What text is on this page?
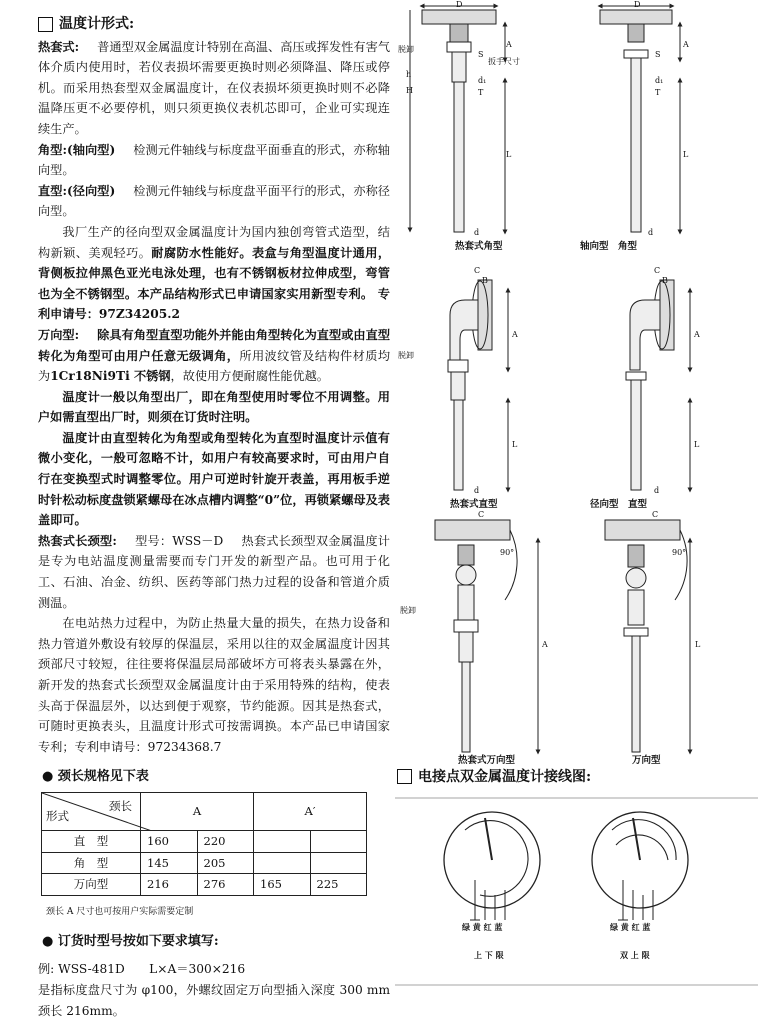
温度计形式:

热套式: 普通型双金属温度计特别在高温、高压或挥发性有害气体介质内使用时，若仪表损坏需要更换时则必须降温、降压或停机。而采用热套型双金属温度计，在仪表损坏须更换时则不必降温降压更不必要停机，则只须更换仪表机芯即可，企业可实现连续生产。

角型:(轴向型) 检测元件轴线与标度盘平面垂直的形式，亦称轴向型。

直型:(径向型) 检测元件轴线与标度盘平面平行的形式，亦称径向型。

我厂生产的径向型双金属温度计为国内独创弯管式造型，结构新颖、美观轻巧。耐腐防水性能好。表盒与角型温度计通用，背侧板拉伸黑色亚光电泳处理，也有不锈钢板材拉伸成型，弯管也为全不锈钢型。本产品结构形式已申请国家实用新型专利。 专利申请号：97Z34205.2

万向型: 除具有角型直型功能外并能由角型转化为直型或由直型转化为角型可由用户任意无级调角，所用波纹管及结构件材质均为1Cr18Ni9Ti 不锈钢，故使用方便耐腐性能优越。

温度计一般以角型出厂，即在角型使用时零位不用调整。用户如需直型出厂时，则须在订货时注明。

温度计由直型转化为角型或角型转化为直型时温度计示值有微小变化，一般可忽略不计，如用户有较高要求时，可由用户自行在变换型式时调整零位。用户可逆时针旋开表盖，再用板手逆时针松动标度盘锁紧螺母在冰点槽内调整“0”位，再锁紧螺母及表盖即可。

热套式长颈型: 型号：WSS－D 热套式长颈型双金属温度计是专为电站温度测量需要而专门开发的新型产品。也可用于化工、石油、冶金、纺织、医药等部门热力过程的设备和管道介质测温。

在电站热力过程中，为防止热量大量的损失，在热力设备和热力管道外敷设有较厚的保温层，采用以往的双金属温度计因其颈部尺寸较短，往往要将保温层局部破坏方可将表头暴露在外，新开发的热套式长颈型双金属温度计由于采用特殊的结构，使表头高于保温层外，以达到便于观察，节约能源。因其是热套式，可随时更换表头，且温度计形式可按需调换。本产品已申请国家专利；专利申请号：97234368.7

● 颈长规格见下表
颈长
形式	A		A′	
直　型	160	220		
角　型	145	205		
万向型	216	276	165	225
颈长 A 尺寸也可按用户实际需要定制
● 订货时型号按如下要求填写:

例: WSS-481D　　L×A＝300×216

是指标度盘尺寸为 φ100，外螺纹固定万向型插入深度 300 mm 颈长 216mm。

热套式角型	轴向型　角型
热套式直型	径向型　直型
热套式万向型	万向型
D	D
脱卸
脱卸
脱卸
A
L
A
L
S
扳手尺寸
d₁
T
h
H
d
S
d₁
T
d
C
B
A
L
C
B
A
L
d	d
C
90°
A
C
90°
L
电接点双金属温度计接线图:
绿 黄 红 蓝	绿 黄 红 蓝
上 下 限	双 上 限
